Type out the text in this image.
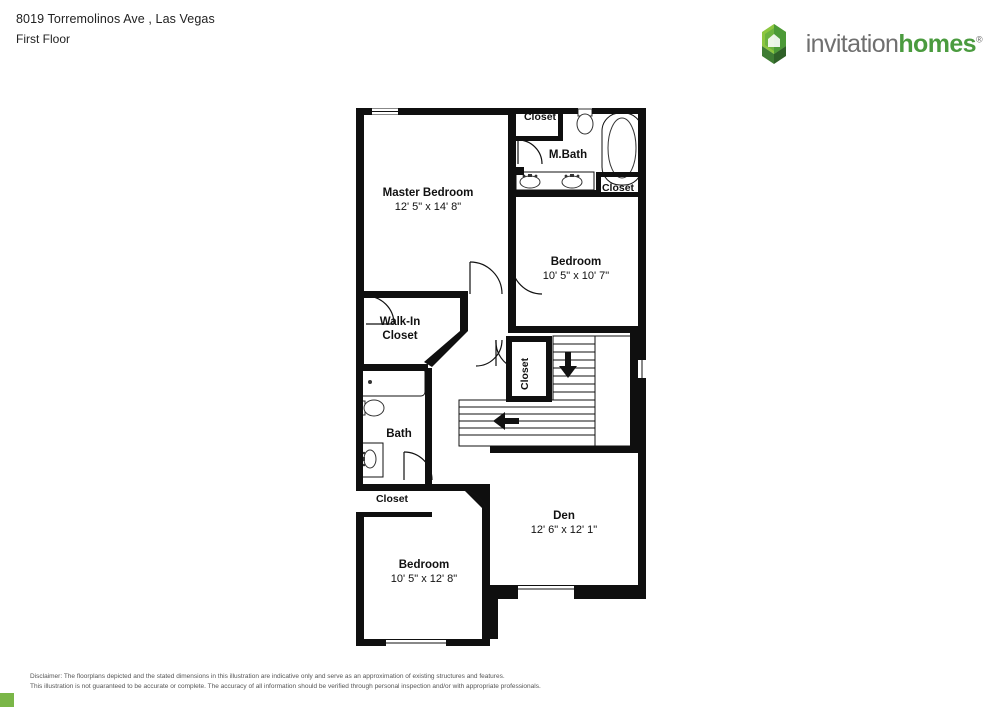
8019 Torremolinos Ave , Las Vegas
First Floor	invitationhomes®
Master Bedroom
12' 5" x 14' 8"
Closet
M.Bath
Closet
Bedroom
10' 5" x 10' 7"
Walk-In
Closet
Closet
Bath
Closet
Den
12' 6" x 12' 1"
Bedroom
10' 5" x 12' 8"
Disclaimer: The floorplans depicted and the stated dimensions in this illustration are indicative only and serve as an approximation of existing structures and features.
This illustration is not guaranteed to be accurate or complete. The accuracy of all information should be verified through personal inspection and/or with appropriate professionals.
